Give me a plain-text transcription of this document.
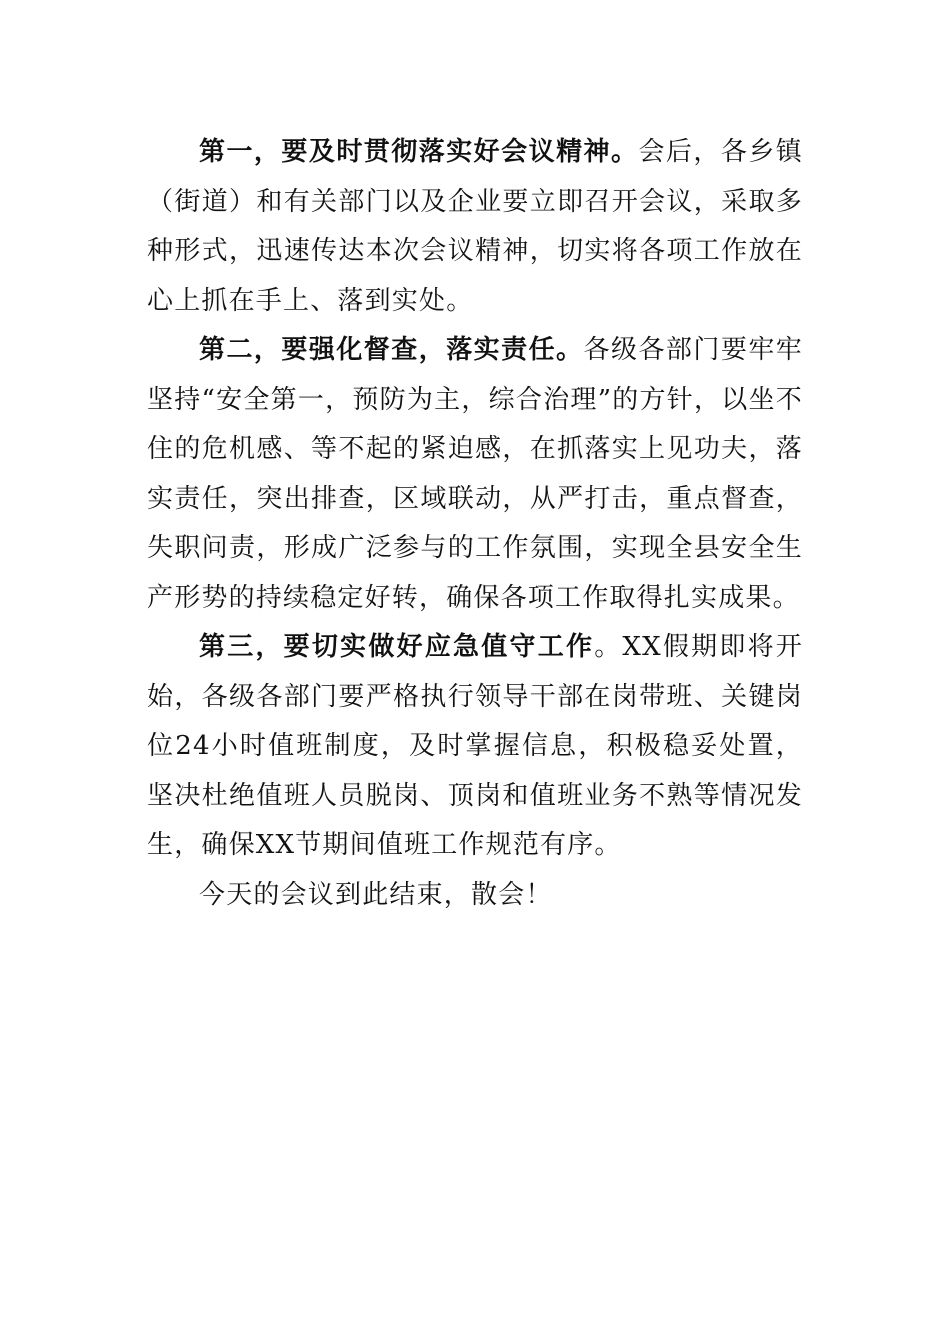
第一，要及时贯彻落实好会议精神。会后，各乡镇（街道）和有关部门以及企业要立即召开会议，采取多种形式，迅速传达本次会议精神，切实将各项工作放在心上抓在手上、落到实处。

第二，要强化督查，落实责任。各级各部门要牢牢坚持“安全第一，预防为主，综合治理”的方针，以坐不住的危机感、等不起的紧迫感，在抓落实上见功夫，落实责任，突出排查，区域联动，从严打击，重点督查，失职问责，形成广泛参与的工作氛围，实现全县安全生产形势的持续稳定好转，确保各项工作取得扎实成果。

第三，要切实做好应急值守工作。XX假期即将开始，各级各部门要严格执行领导干部在岗带班、关键岗位24小时值班制度，及时掌握信息，积极稳妥处置，坚决杜绝值班人员脱岗、顶岗和值班业务不熟等情况发生，确保XX节期间值班工作规范有序。

今天的会议到此结束，散会！
